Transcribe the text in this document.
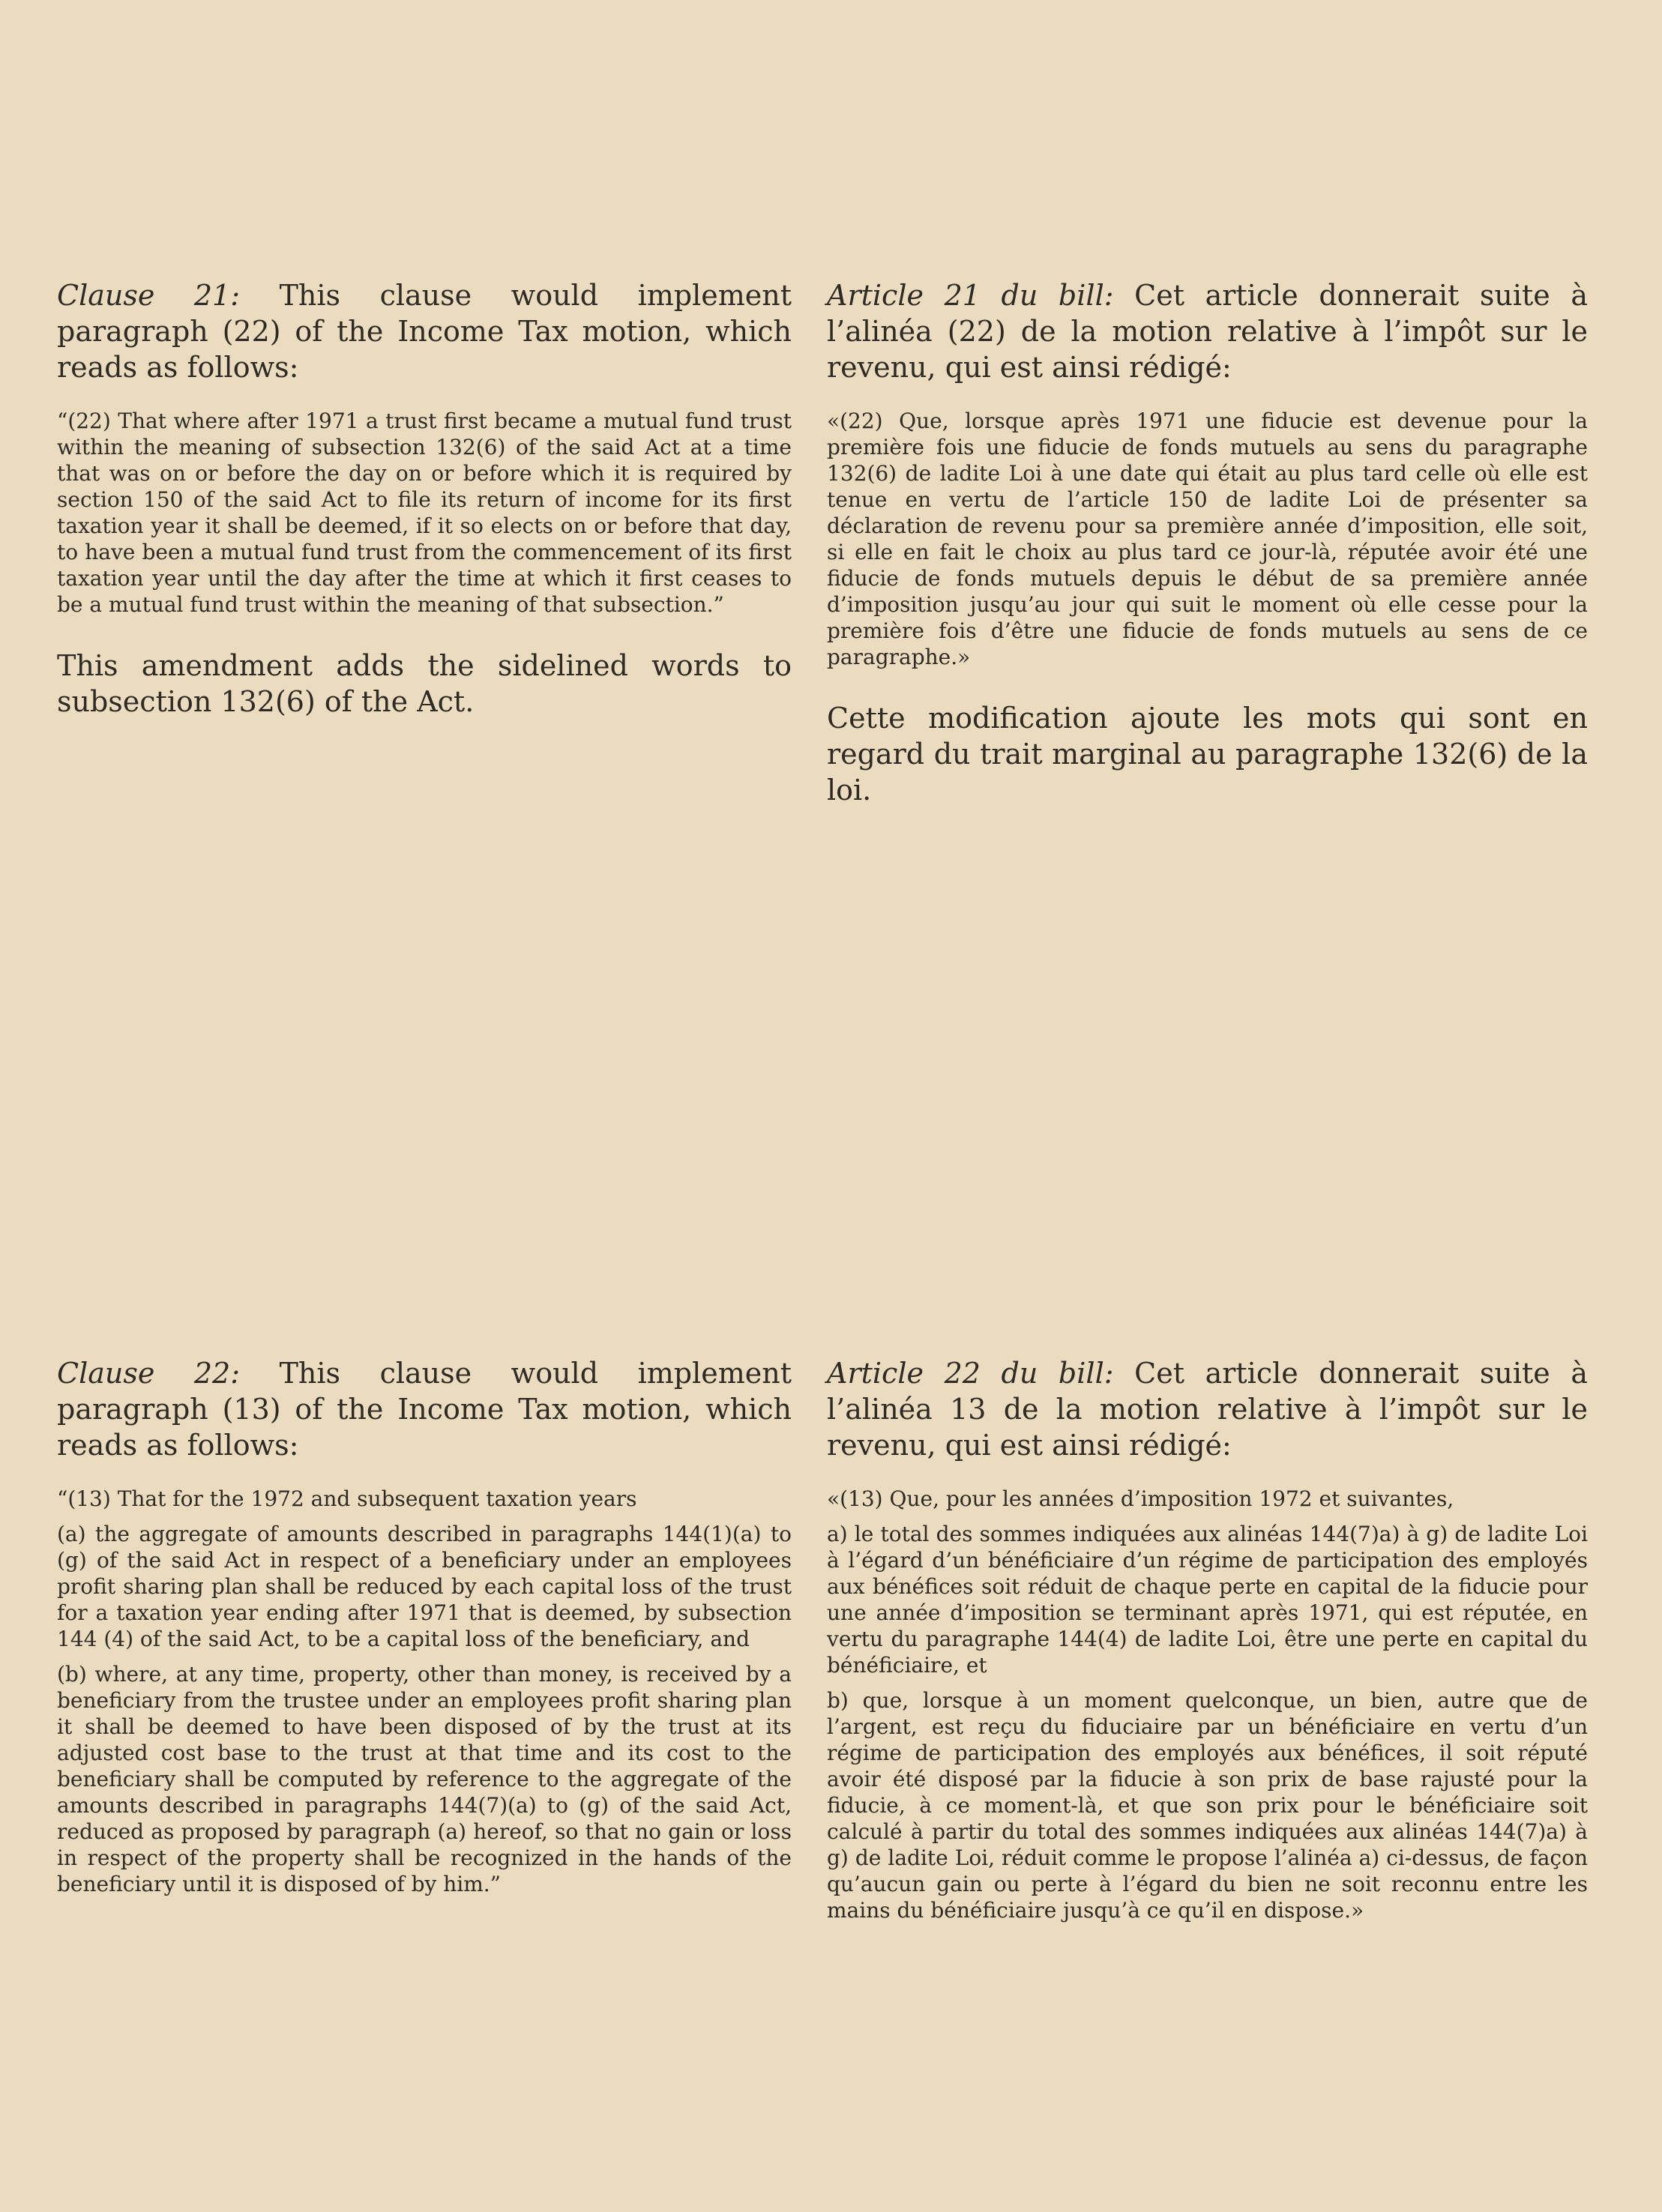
Clause 21: This clause would implement paragraph (22) of the Income Tax motion, which reads as follows:

“(22) That where after 1971 a trust first became a mutual fund trust within the meaning of subsection 132(6) of the said Act at a time that was on or before the day on or before which it is required by section 150 of the said Act to file its return of income for its first taxation year it shall be deemed, if it so elects on or before that day, to have been a mutual fund trust from the commencement of its first taxation year until the day after the time at which it first ceases to be a mutual fund trust within the meaning of that subsection.”

This amendment adds the sidelined words to subsection 132(6) of the Act.

Article 21 du bill: Cet article donnerait suite à l’alinéa (22) de la motion relative à l’impôt sur le revenu, qui est ainsi rédigé:

«(22) Que, lorsque après 1971 une fiducie est devenue pour la première fois une fiducie de fonds mutuels au sens du paragraphe 132(6) de ladite Loi à une date qui était au plus tard celle où elle est tenue en vertu de l’article 150 de ladite Loi de présenter sa déclaration de revenu pour sa première année d’imposition, elle soit, si elle en fait le choix au plus tard ce jour-là, réputée avoir été une fiducie de fonds mutuels depuis le début de sa première année d’imposition jusqu’au jour qui suit le moment où elle cesse pour la première fois d’être une fiducie de fonds mutuels au sens de ce paragraphe.»

Cette modification ajoute les mots qui sont en regard du trait marginal au paragraphe 132(6) de la loi.

Clause 22: This clause would implement paragraph (13) of the Income Tax motion, which reads as follows:

“(13) That for the 1972 and subsequent taxation years

(a) the aggregate of amounts described in paragraphs 144(1)(a) to (g) of the said Act in respect of a beneficiary under an employees profit sharing plan shall be reduced by each capital loss of the trust for a taxation year ending after 1971 that is deemed, by subsection 144 (4) of the said Act, to be a capital loss of the beneficiary, and

(b) where, at any time, property, other than money, is received by a beneficiary from the trustee under an employees profit sharing plan it shall be deemed to have been disposed of by the trust at its adjusted cost base to the trust at that time and its cost to the beneficiary shall be computed by reference to the aggregate of the amounts described in paragraphs 144(7)(a) to (g) of the said Act, reduced as proposed by paragraph (a) hereof, so that no gain or loss in respect of the property shall be recognized in the hands of the beneficiary until it is disposed of by him.”

Article 22 du bill: Cet article donnerait suite à l’alinéa 13 de la motion relative à l’impôt sur le revenu, qui est ainsi rédigé:

«(13) Que, pour les années d’imposition 1972 et suivantes,

a) le total des sommes indiquées aux alinéas 144(7)a) à g) de ladite Loi à l’égard d’un bénéficiaire d’un régime de participation des employés aux bénéfices soit réduit de chaque perte en capital de la fiducie pour une année d’imposition se terminant après 1971, qui est réputée, en vertu du paragraphe 144(4) de ladite Loi, être une perte en capital du bénéficiaire, et

b) que, lorsque à un moment quelconque, un bien, autre que de l’argent, est reçu du fiduciaire par un bénéficiaire en vertu d’un régime de participation des employés aux bénéfices, il soit réputé avoir été disposé par la fiducie à son prix de base rajusté pour la fiducie, à ce moment-là, et que son prix pour le bénéficiaire soit calculé à partir du total des sommes indiquées aux alinéas 144(7)a) à g) de ladite Loi, réduit comme le propose l’alinéa a) ci-dessus, de façon qu’aucun gain ou perte à l’égard du bien ne soit reconnu entre les mains du bénéficiaire jusqu’à ce qu’il en dispose.»
